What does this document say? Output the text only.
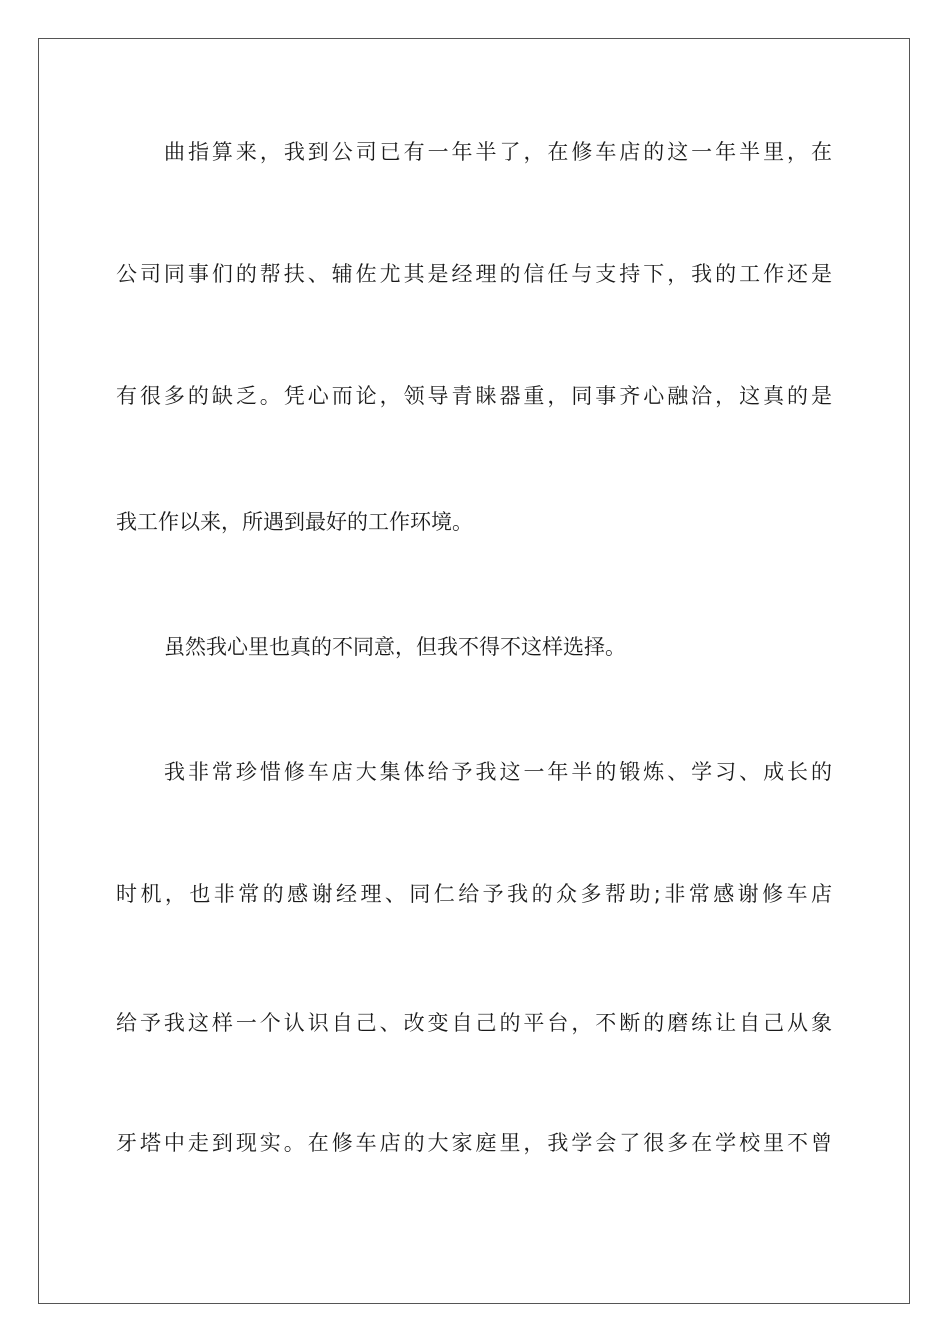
曲指算来，我到公司已有一年半了，在修车店的这一年半里，在
公司同事们的帮扶、辅佐尤其是经理的信任与支持下，我的工作还是
有很多的缺乏。凭心而论，领导青睐器重，同事齐心融洽，这真的是
我工作以来，所遇到最好的工作环境。
虽然我心里也真的不同意，但我不得不这样选择。
我非常珍惜修车店大集体给予我这一年半的锻炼、学习、成长的
时机，也非常的感谢经理、同仁给予我的众多帮助;非常感谢修车店
给予我这样一个认识自己、改变自己的平台，不断的磨练让自己从象
牙塔中走到现实。在修车店的大家庭里，我学会了很多在学校里不曾
